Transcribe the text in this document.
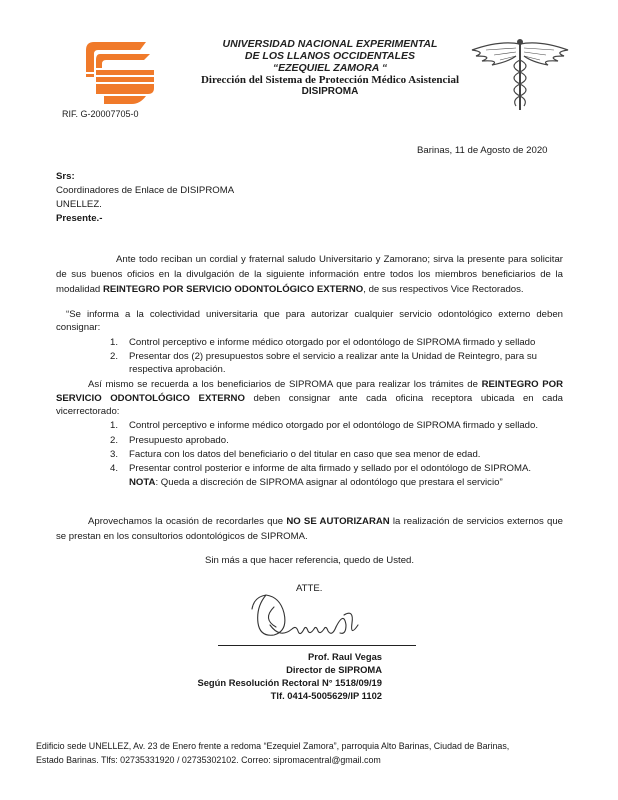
RIF. G-20007705-0
UNIVERSIDAD NACIONAL EXPERIMENTAL
DE LOS LLANOS OCCIDENTALES
“EZEQUIEL ZAMORA “
Dirección del Sistema de Protección Médico Asistencial
DISIPROMA
Barinas, 11 de Agosto de 2020
Srs:
Coordinadores de Enlace de DISIPROMA
UNELLEZ.
Presente.-
Ante todo reciban un cordial y fraternal saludo Universitario y Zamorano; sirva la presente para solicitar de sus buenos oficios en la divulgación de la siguiente información entre todos los miembros beneficiarios de la modalidad REINTEGRO POR SERVICIO ODONTOLÓGICO EXTERNO, de sus respectivos Vice Rectorados.
“Se informa a la colectividad universitaria que para autorizar cualquier servicio odontológico externo deben consignar:
1. Control perceptivo e informe médico otorgado por el odontólogo de SIPROMA firmado y sellado
2. Presentar dos (2) presupuestos sobre el servicio a realizar ante la Unidad de Reintegro, para su respectiva aprobación.
Así mismo se recuerda a los beneficiarios de SIPROMA que para realizar los trámites de REINTEGRO POR SERVICIO ODONTOLÓGICO EXTERNO deben consignar ante cada oficina receptora ubicada en cada vicerrectorado:
1. Control perceptivo e informe médico otorgado por el odontólogo de SIPROMA firmado y sellado.
2. Presupuesto aprobado.
3. Factura con los datos del beneficiario o del titular en caso que sea menor de edad.
4. Presentar control posterior e informe de alta firmado y sellado por el odontólogo de SIPROMA.
NOTA: Queda a discreción de SIPROMA asignar al odontólogo que prestara el servicio”
Aprovechamos la ocasión de recordarles que NO SE AUTORIZARAN la realización de servicios externos que se prestan en los consultorios odontológicos de SIPROMA.
Sin más a que hacer referencia, quedo de Usted.
ATTE.
Prof. Raul Vegas
Director de SIPROMA
Según Resolución Rectoral N° 1518/09/19
Tlf. 0414-5005629/IP 1102
Edificio sede UNELLEZ, Av. 23 de Enero frente a redoma “Ezequiel Zamora”, parroquia Alto Barinas, Ciudad de Barinas,
Estado Barinas. Tlfs: 02735331920 / 02735302102. Correo: sipromacentral@gmail.com
